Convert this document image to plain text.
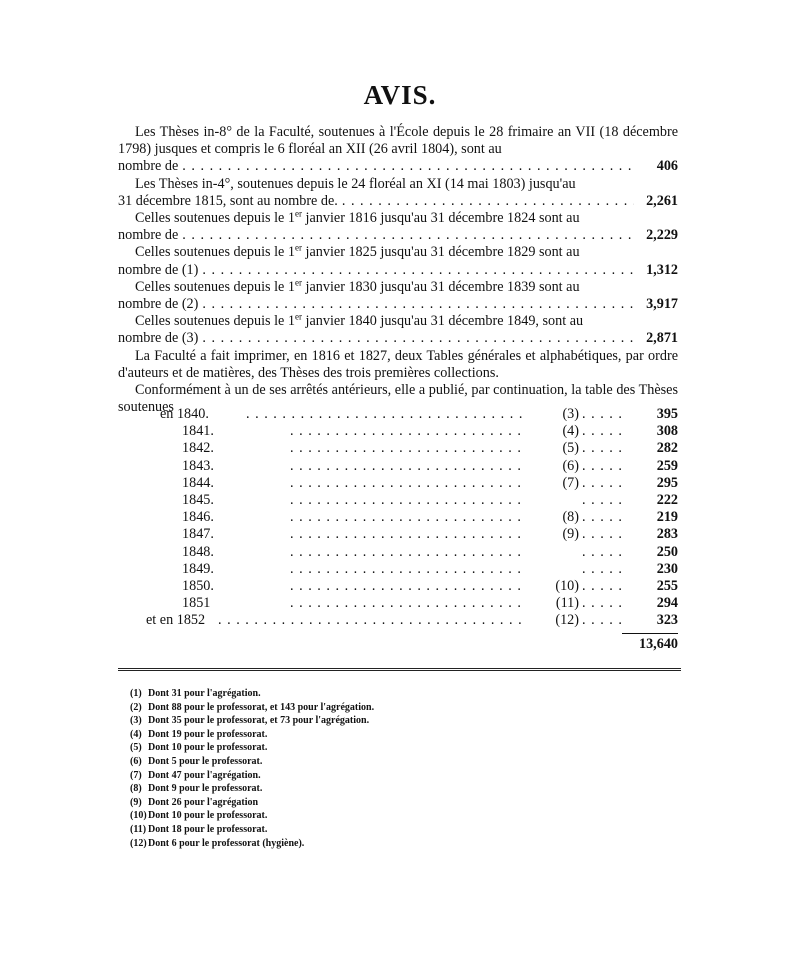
AVIS.

Les Thèses in-8° de la Faculté, soutenues à l'École depuis le 28 frimaire an VII (18 décembre 1798) jusques et compris le 6 floréal an XII (26 avril 1804), sont au

nombre de . . .	406

Les Thèses in-4°, soutenues depuis le 24 floréal an XI (14 mai 1803) jusqu'au

31 décembre 1815, sont au nombre de. . . .	2,261

Celles soutenues depuis le 1er janvier 1816 jusqu'au 31 décembre 1824 sont au

nombre de . . .	2,229

Celles soutenues depuis le 1er janvier 1825 jusqu'au 31 décembre 1829 sont au

nombre de (1) . . .	1,312

Celles soutenues depuis le 1er janvier 1830 jusqu'au 31 décembre 1839 sont au

nombre de (2) . . .	3,917

Celles soutenues depuis le 1er janvier 1840 jusqu'au 31 décembre 1849, sont au

nombre de (3) . . .	2,871

La Faculté a fait imprimer, en 1816 et 1827, deux Tables générales et alphabétiques, par ordre d'auteurs et de matières, des Thèses des trois premières collections.

Conformément à un de ses arrêtés antérieurs, elle a publié, par continuation, la table des Thèses soutenues

en 1840. . . .	(3) . . .	395
1841. . . .	(4) . . .	308
1842. . . .	(5) . . .	282
1843. . . .	(6) . . .	259
1844. . . .	(7) . . .	295
1845. . . . . . .	222
1846. . . .	(8) . . .	219
1847. . . .	(9) . . .	283
1848. . . . . . .	250
1849. . . . . . .	230
1850. . . .	(10) . . .	255
1851 . . .	(11) . . .	294
et en 1852 . . .	(12) . . .	323
13,640
(1) Dont 31 pour l'agrégation.
(2) Dont 88 pour le professorat, et 143 pour l'agrégation.
(3) Dont 35 pour le professorat, et 73 pour l'agrégation.
(4) Dont 19 pour le professorat.
(5) Dont 10 pour le professorat.
(6) Dont 5 pour le professorat.
(7) Dont 47 pour l'agrégation.
(8) Dont 9 pour le professorat.
(9) Dont 26 pour l'agrégation
(10) Dont 10 pour le professorat.
(11) Dont 18 pour le professorat.
(12) Dont 6 pour le professorat (hygiène).
